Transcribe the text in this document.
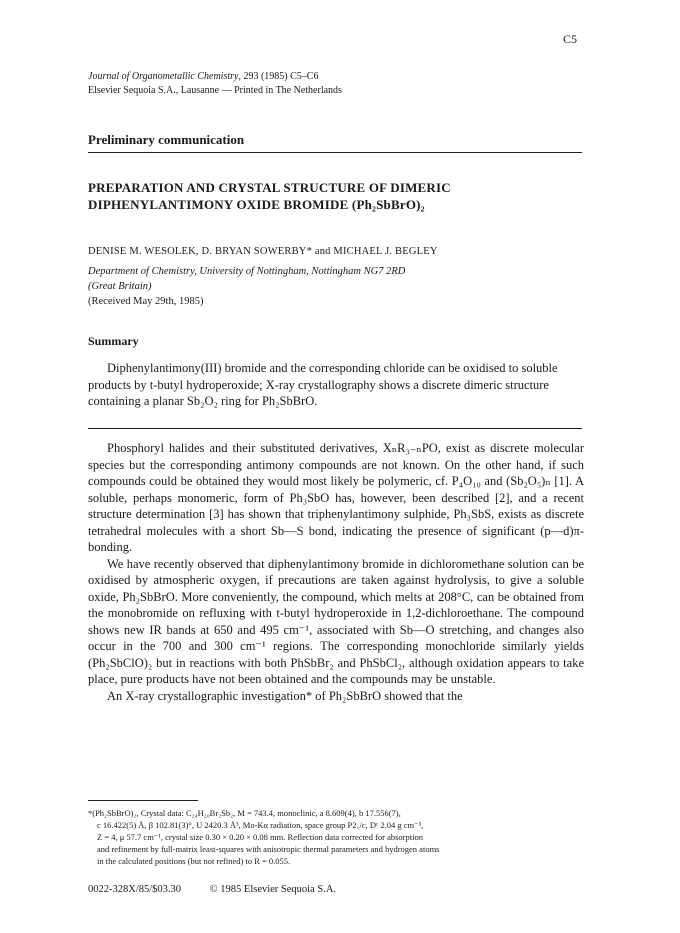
C5
Journal of Organometallic Chemistry, 293 (1985) C5–C6
Elsevier Sequoia S.A., Lausanne — Printed in The Netherlands
Preliminary communication
PREPARATION AND CRYSTAL STRUCTURE OF DIMERIC
DIPHENYLANTIMONY OXIDE BROMIDE (Ph₂SbBrO)₂
DENISE M. WESOLEK, D. BRYAN SOWERBY* and MICHAEL J. BEGLEY
Department of Chemistry, University of Nottingham, Nottingham NG7 2RD
(Great Britain)
(Received May 29th, 1985)
Summary

Diphenylantimony(III) bromide and the corresponding chloride can be oxidised to soluble products by t-butyl hydroperoxide; X-ray crystallography shows a discrete dimeric structure containing a planar Sb₂O₂ ring for Ph₂SbBrO.

Phosphoryl halides and their substituted derivatives, XₙR₃₋ₙPO, exist as discrete molecular species but the corresponding antimony compounds are not known. On the other hand, if such compounds could be obtained they would most likely be polymeric, cf. P₄O₁₀ and (Sb₂O₅)ₙ [1]. A soluble, perhaps monomeric, form of Ph₃SbO has, however, been described [2], and a recent structure determination [3] has shown that triphenylantimony sulphide, Ph₃SbS, exists as discrete tetrahedral molecules with a short Sb—S bond, indicating the presence of significant (p—d)π-bonding.

We have recently observed that diphenylantimony bromide in dichloromethane solution can be oxidised by atmospheric oxygen, if precautions are taken against hydrolysis, to give a soluble oxide, Ph₂SbBrO. More conveniently, the compound, which melts at 208°C, can be obtained from the monobromide on refluxing with t-butyl hydroperoxide in 1,2-dichloroethane. The compound shows new IR bands at 650 and 495 cm⁻¹, associated with Sb—O stretching, and changes also occur in the 700 and 300 cm⁻¹ regions. The corresponding monochloride similarly yields (Ph₂SbClO)₂ but in reactions with both PhSbBr₂ and PhSbCl₂, although oxidation appears to take place, pure products have not been obtained and the compounds may be unstable.

An X-ray crystallographic investigation* of Ph₂SbBrO showed that the

*(Ph₂SbBrO)₂, Crystal data: C₂₄H₂₀Br₂Sb₂, M = 743.4, monoclinic, a 8.609(4), b 17.556(7),

c 16.422(5) Å, β 102.81(3)°, U 2420.3 Å³, Mo-Kα radiation, space group P2₁/c, Dᶜ 2.04 g cm⁻³,

Z = 4, μ 57.7 cm⁻¹, crystal size 0.30 × 0.20 × 0.08 mm. Reflection data corrected for absorption

and refinement by full-matrix least-squares with anisotropic thermal parameters and hydrogen atoms

in the calculated positions (but not refined) to R = 0.055.

0022-328X/85/$03.30	© 1985 Elsevier Sequoia S.A.
